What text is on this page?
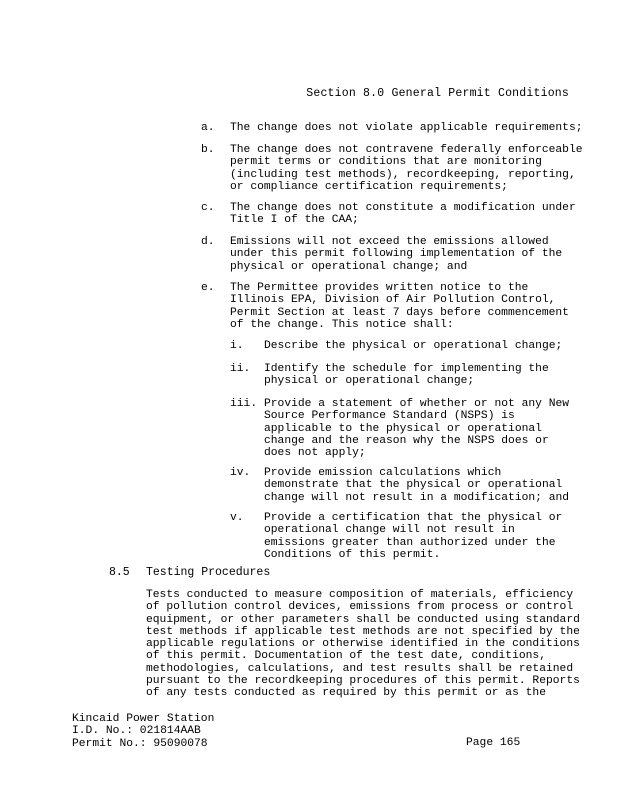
Section 8.0 General Permit Conditions
a. The change does not violate applicable requirements;
b. The change does not contravene federally enforceable
permit terms or conditions that are monitoring
(including test methods), recordkeeping, reporting,
or compliance certification requirements;
c. The change does not constitute a modification under
Title I of the CAA;
d. Emissions will not exceed the emissions allowed
under this permit following implementation of the
physical or operational change; and
e. The Permittee provides written notice to the
Illinois EPA, Division of Air Pollution Control,
Permit Section at least 7 days before commencement
of the change. This notice shall:
i. Describe the physical or operational change;
ii. Identify the schedule for implementing the
physical or operational change;
iii. Provide a statement of whether or not any New
Source Performance Standard (NSPS) is
applicable to the physical or operational
change and the reason why the NSPS does or
does not apply;
iv. Provide emission calculations which
demonstrate that the physical or operational
change will not result in a modification; and
v. Provide a certification that the physical or
operational change will not result in
emissions greater than authorized under the
Conditions of this permit.
8.5 Testing Procedures
Tests conducted to measure composition of materials, efficiency
of pollution control devices, emissions from process or control
equipment, or other parameters shall be conducted using standard
test methods if applicable test methods are not specified by the
applicable regulations or otherwise identified in the conditions
of this permit. Documentation of the test date, conditions,
methodologies, calculations, and test results shall be retained
pursuant to the recordkeeping procedures of this permit. Reports
of any tests conducted as required by this permit or as the
Kincaid Power Station
I.D. No.: 021814AAB
Permit No.: 95090078	Page 165
